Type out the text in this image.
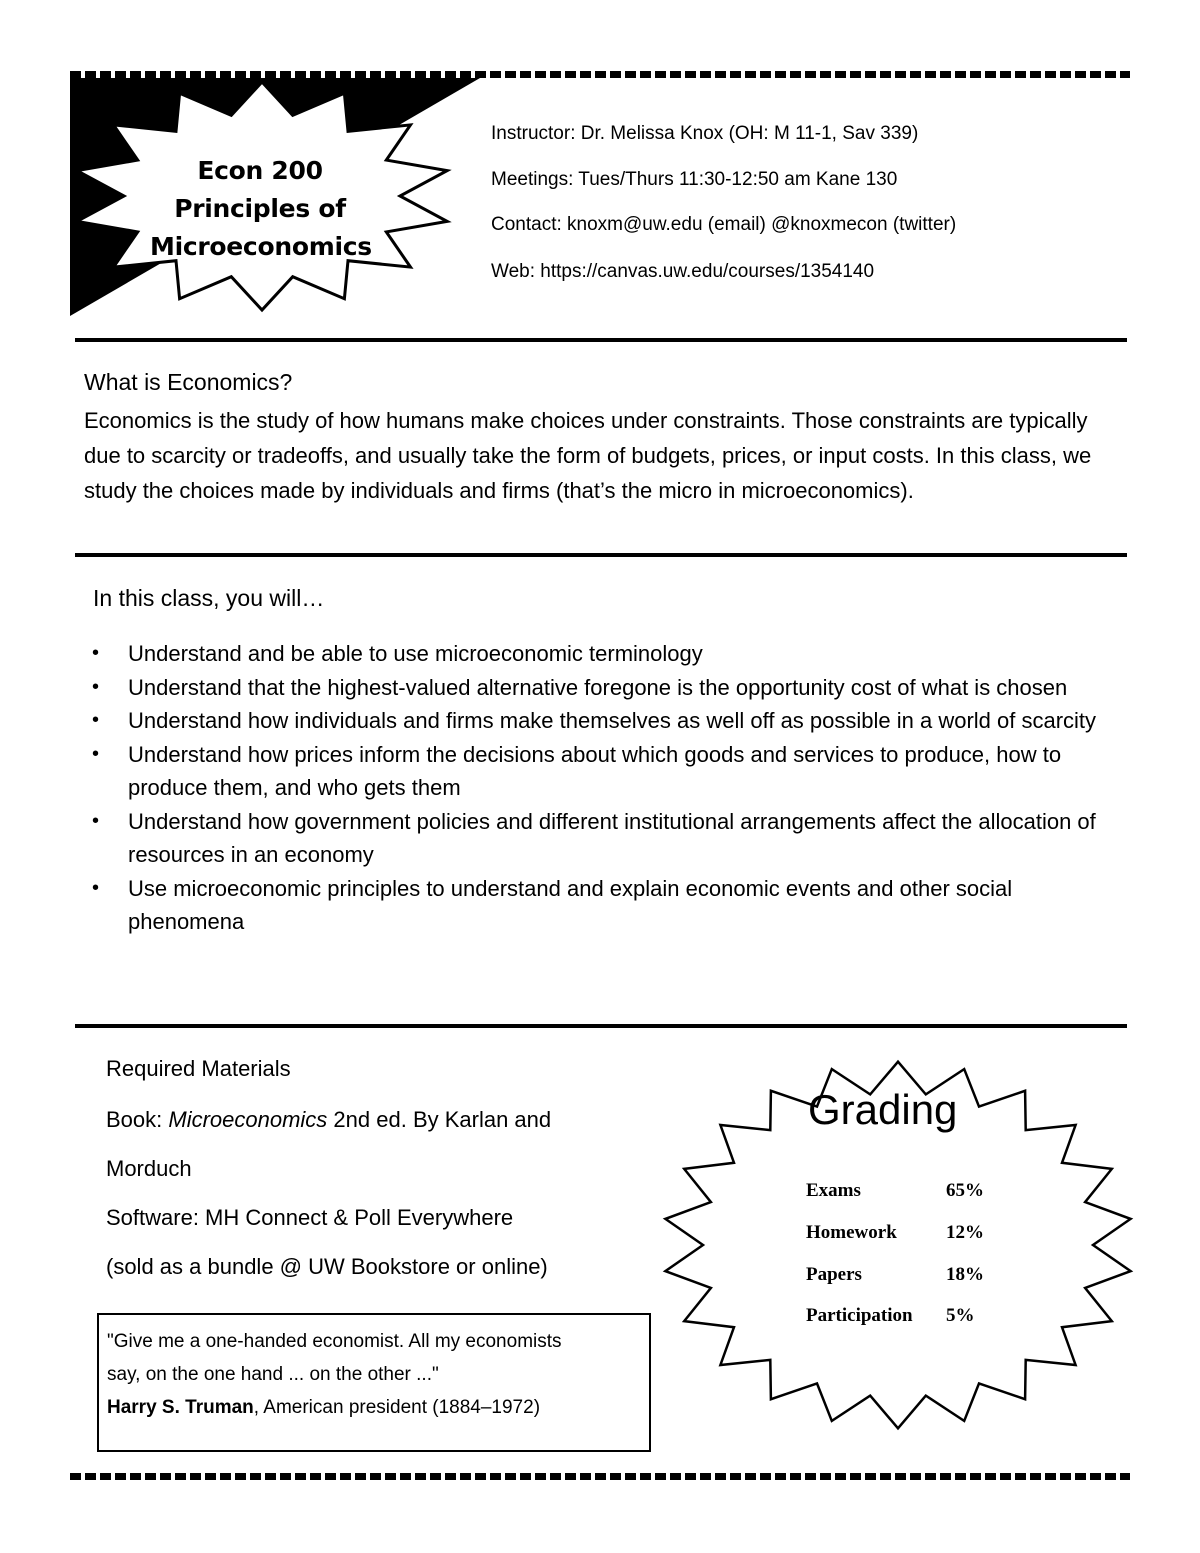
Econ 200
Principles of
Microeconomics
Instructor: Dr. Melissa Knox (OH: M 11-1, Sav 339)
Meetings: Tues/Thurs 11:30-12:50 am Kane 130
Contact: knoxm@uw.edu (email) @knoxmecon (twitter)
Web: https://canvas.uw.edu/courses/1354140
What is Economics?
Economics is the study of how humans make choices under constraints. Those constraints are typically due to scarcity or tradeoffs, and usually take the form of budgets, prices, or input costs. In this class, we study the choices made by individuals and firms (that’s the micro in microeconomics).
In this class, you will…
• Understand and be able to use microeconomic terminology
• Understand that the highest-valued alternative foregone is the opportunity cost of what is chosen
• Understand how individuals and firms make themselves as well off as possible in a world of scarcity
• Understand how prices inform the decisions about which goods and services to produce, how to produce them, and who gets them
• Understand how government policies and different institutional arrangements affect the allocation of resources in an economy
• Use microeconomic principles to understand and explain economic events and other social phenomena
Required Materials
Book: Microeconomics 2nd ed. By Karlan and
Morduch
Software: MH Connect & Poll Everywhere
(sold as a bundle @ UW Bookstore or online)
"Give me a one-handed economist. All my economists
say, on the one hand ... on the other ..."
Harry S. Truman, American president (1884–1972)
Grading
Exams	65%
Homework	12%
Papers	18%
Participation 5%
